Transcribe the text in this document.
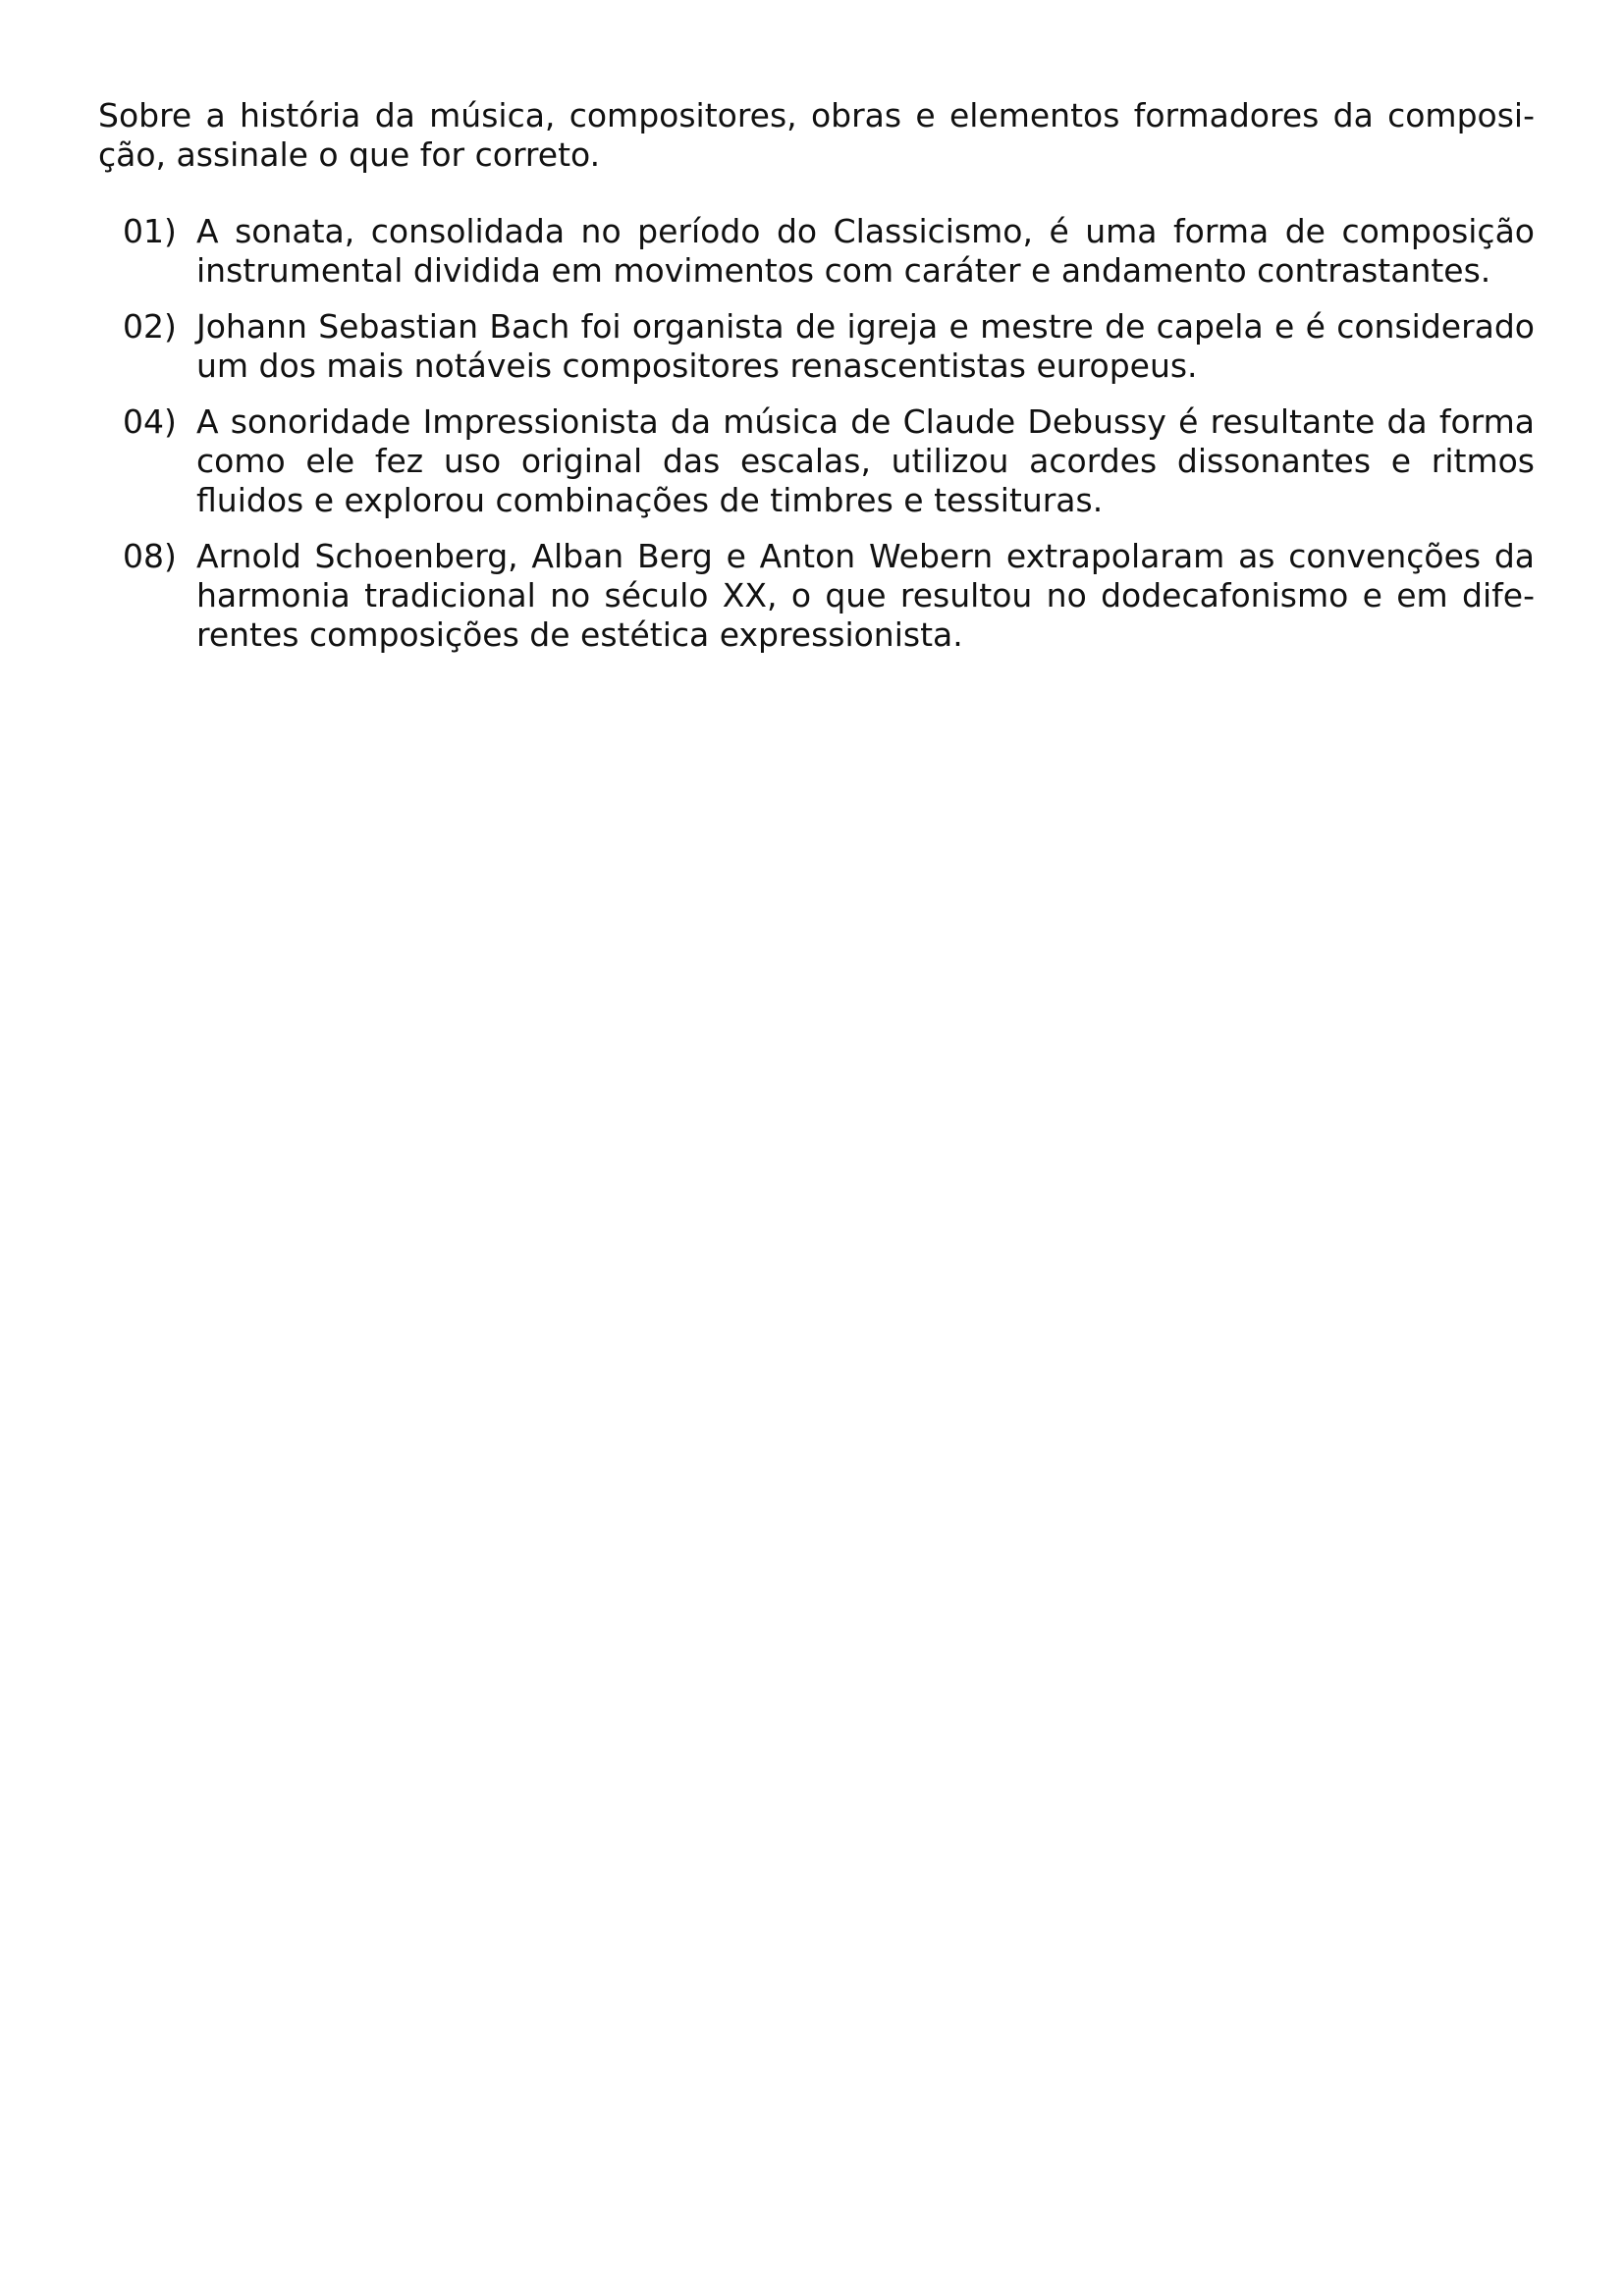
Sobre a história da música, compositores, obras e elementos formadores da composição, assinale o que for correto.

01) A sonata, consolidada no período do Classicismo, é uma forma de composição instrumental dividida em movimentos com caráter e andamento contrastantes.
02) Johann Sebastian Bach foi organista de igreja e mestre de capela e é considerado um dos mais notáveis compositores renascentistas europeus.
04) A sonoridade Impressionista da música de Claude Debussy é resultante da forma como ele fez uso original das escalas, utilizou acordes dissonantes e ritmos fluidos e explorou combinações de timbres e tessituras.
08) Arnold Schoenberg, Alban Berg e Anton Webern extrapolaram as convenções da harmonia tradicional no século XX, o que resultou no dodecafonismo e em diferentes composições de estética expressionista.
